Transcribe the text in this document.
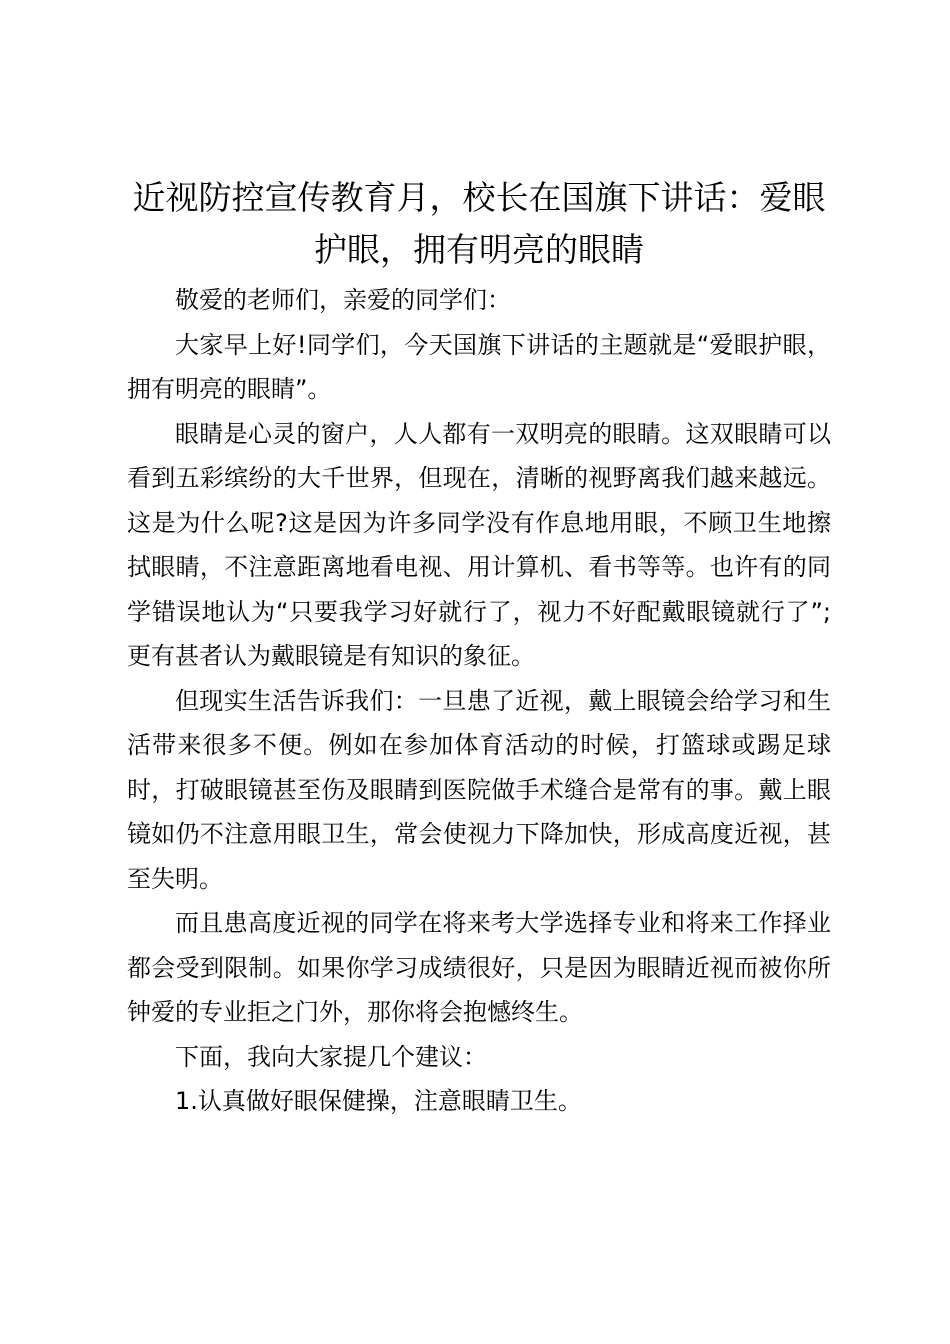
近视防控宣传教育月，校长在国旗下讲话：爱眼护眼，拥有明亮的眼睛

敬爱的老师们，亲爱的同学们：

大家早上好!同学们，今天国旗下讲话的主题就是“爱眼护眼，拥有明亮的眼睛”。

眼睛是心灵的窗户，人人都有一双明亮的眼睛。这双眼睛可以看到五彩缤纷的大千世界，但现在，清晰的视野离我们越来越远。这是为什么呢?这是因为许多同学没有作息地用眼，不顾卫生地擦拭眼睛，不注意距离地看电视、用计算机、看书等等。也许有的同学错误地认为“只要我学习好就行了，视力不好配戴眼镜就行了”;更有甚者认为戴眼镜是有知识的象征。

但现实生活告诉我们：一旦患了近视，戴上眼镜会给学习和生活带来很多不便。例如在参加体育活动的时候，打篮球或踢足球时，打破眼镜甚至伤及眼睛到医院做手术缝合是常有的事。戴上眼镜如仍不注意用眼卫生，常会使视力下降加快，形成高度近视，甚至失明。

而且患高度近视的同学在将来考大学选择专业和将来工作择业都会受到限制。如果你学习成绩很好，只是因为眼睛近视而被你所钟爱的专业拒之门外，那你将会抱憾终生。

下面，我向大家提几个建议：

1.认真做好眼保健操，注意眼睛卫生。
